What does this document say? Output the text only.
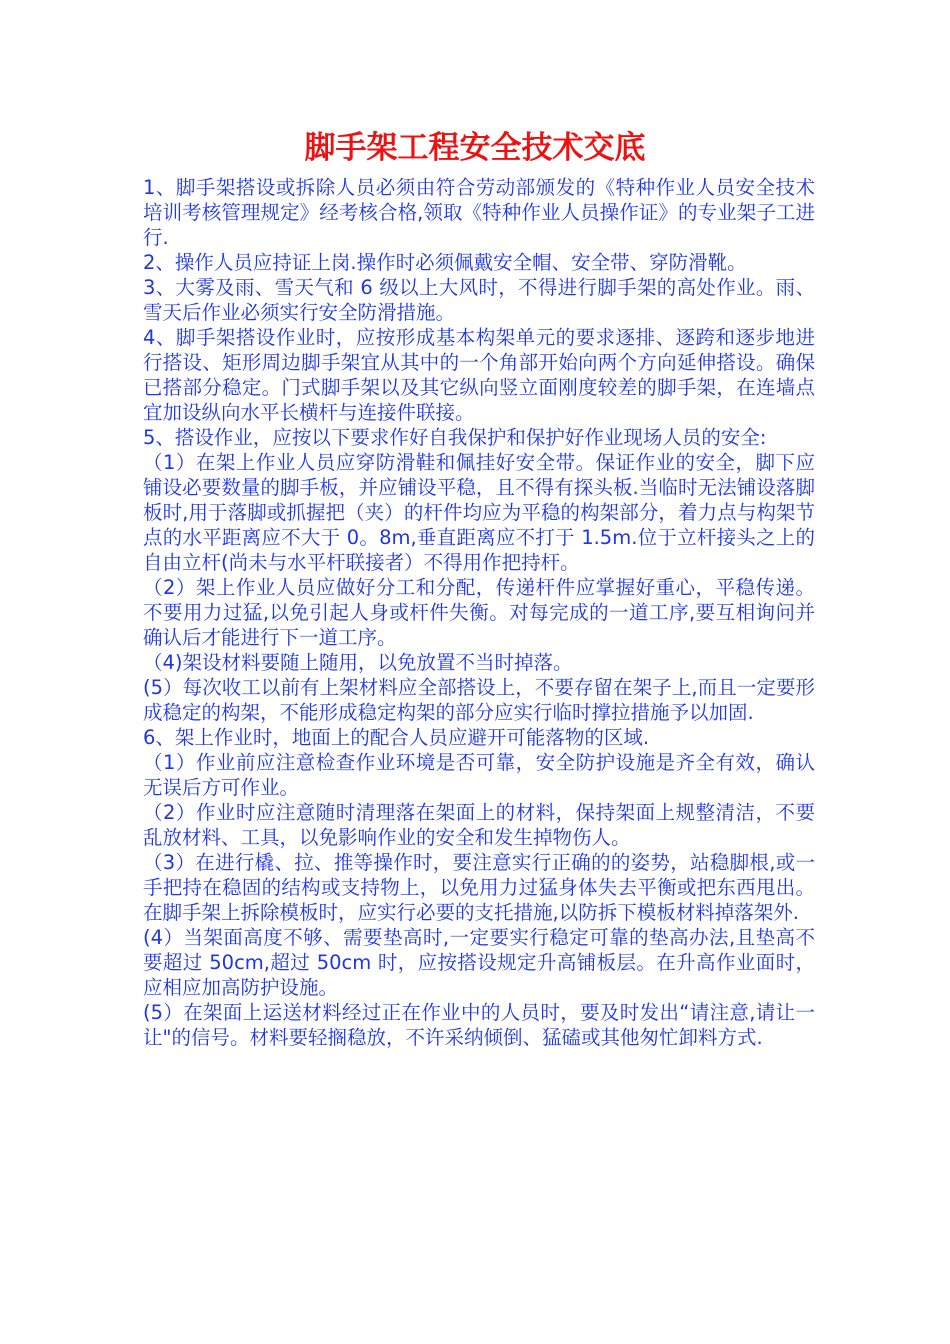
脚手架工程安全技术交底

1、脚手架搭设或拆除人员必须由符合劳动部颁发的《特种作业人员安全技术培训考核管理规定》经考核合格,领取《特种作业人员操作证》的专业架子工进行.

2、操作人员应持证上岗.操作时必须佩戴安全帽、安全带、穿防滑靴。

3、大雾及雨、雪天气和 6 级以上大风时，不得进行脚手架的高处作业。雨、雪天后作业必须实行安全防滑措施。

4、脚手架搭设作业时，应按形成基本构架单元的要求逐排、逐跨和逐步地进行搭设、矩形周边脚手架宜从其中的一个角部开始向两个方向延伸搭设。确保已搭部分稳定。门式脚手架以及其它纵向竖立面刚度较差的脚手架，在连墙点宜加设纵向水平长横杆与连接件联接。

5、搭设作业，应按以下要求作好自我保护和保护好作业现场人员的安全:

（1）在架上作业人员应穿防滑鞋和佩挂好安全带。保证作业的安全，脚下应铺设必要数量的脚手板，并应铺设平稳，且不得有探头板.当临时无法铺设落脚板时,用于落脚或抓握把（夹）的杆件均应为平稳的构架部分，着力点与构架节点的水平距离应不大于 0。8m,垂直距离应不打于 1.5m.位于立杆接头之上的自由立杆(尚未与水平杆联接者）不得用作把持杆。

（2）架上作业人员应做好分工和分配，传递杆件应掌握好重心，平稳传递。不要用力过猛,以免引起人身或杆件失衡。对每完成的一道工序,要互相询问并确认后才能进行下一道工序。

（4)架设材料要随上随用，以免放置不当时掉落。

(5）每次收工以前有上架材料应全部搭设上，不要存留在架子上,而且一定要形成稳定的构架，不能形成稳定构架的部分应实行临时撑拉措施予以加固.

6、架上作业时，地面上的配合人员应避开可能落物的区域.

（1）作业前应注意检查作业环境是否可靠，安全防护设施是齐全有效，确认无误后方可作业。

（2）作业时应注意随时清理落在架面上的材料，保持架面上规整清洁，不要乱放材料、工具，以免影响作业的安全和发生掉物伤人。

（3）在进行橇、拉、推等操作时，要注意实行正确的的姿势，站稳脚根,或一手把持在稳固的结构或支持物上，以免用力过猛身体失去平衡或把东西甩出。在脚手架上拆除模板时，应实行必要的支托措施,以防拆下模板材料掉落架外.

(4）当架面高度不够、需要垫高时,一定要实行稳定可靠的垫高办法,且垫高不要超过 50cm,超过 50cm 时，应按搭设规定升高铺板层。在升高作业面时，应相应加高防护设施。

(5）在架面上运送材料经过正在作业中的人员时，要及时发出“请注意,请让一让"的信号。材料要轻搁稳放，不许采纳倾倒、猛磕或其他匆忙卸料方式.
